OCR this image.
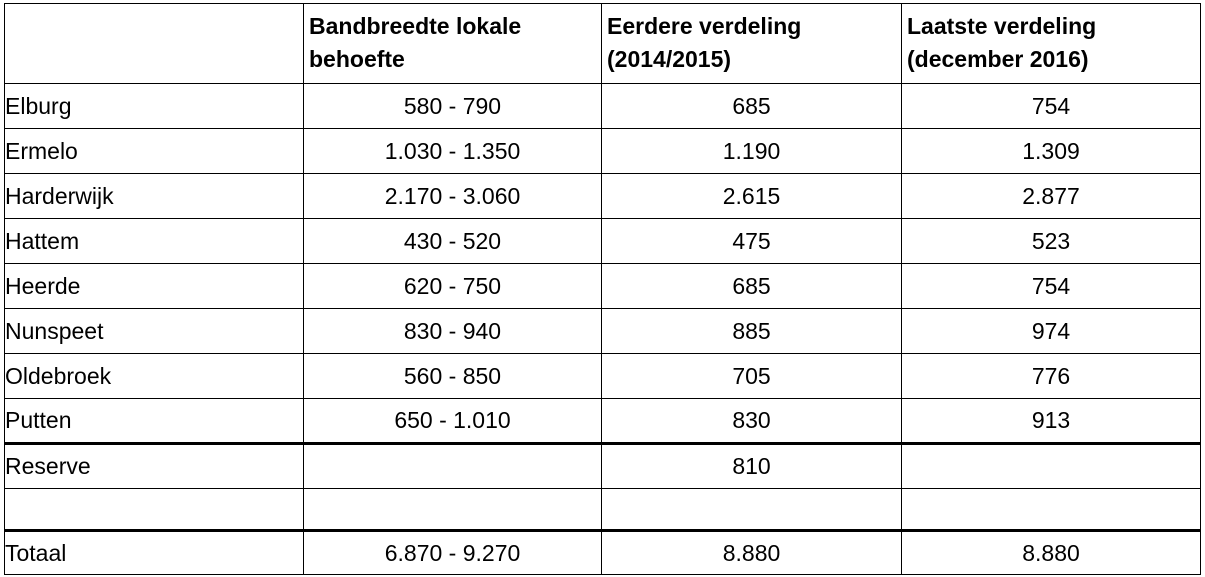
	Bandbreedte lokale behoefte	Eerdere verdeling (2014/2015)	Laatste verdeling (december 2016)
Elburg	580 - 790	685	754
Ermelo	1.030 - 1.350	1.190	1.309
Harderwijk	2.170 - 3.060	2.615	2.877
Hattem	430 - 520	475	523
Heerde	620 - 750	685	754
Nunspeet	830 - 940	885	974
Oldebroek	560 - 850	705	776
Putten	650 - 1.010	830	913
Reserve		810	

Totaal	6.870 - 9.270	8.880	8.880
